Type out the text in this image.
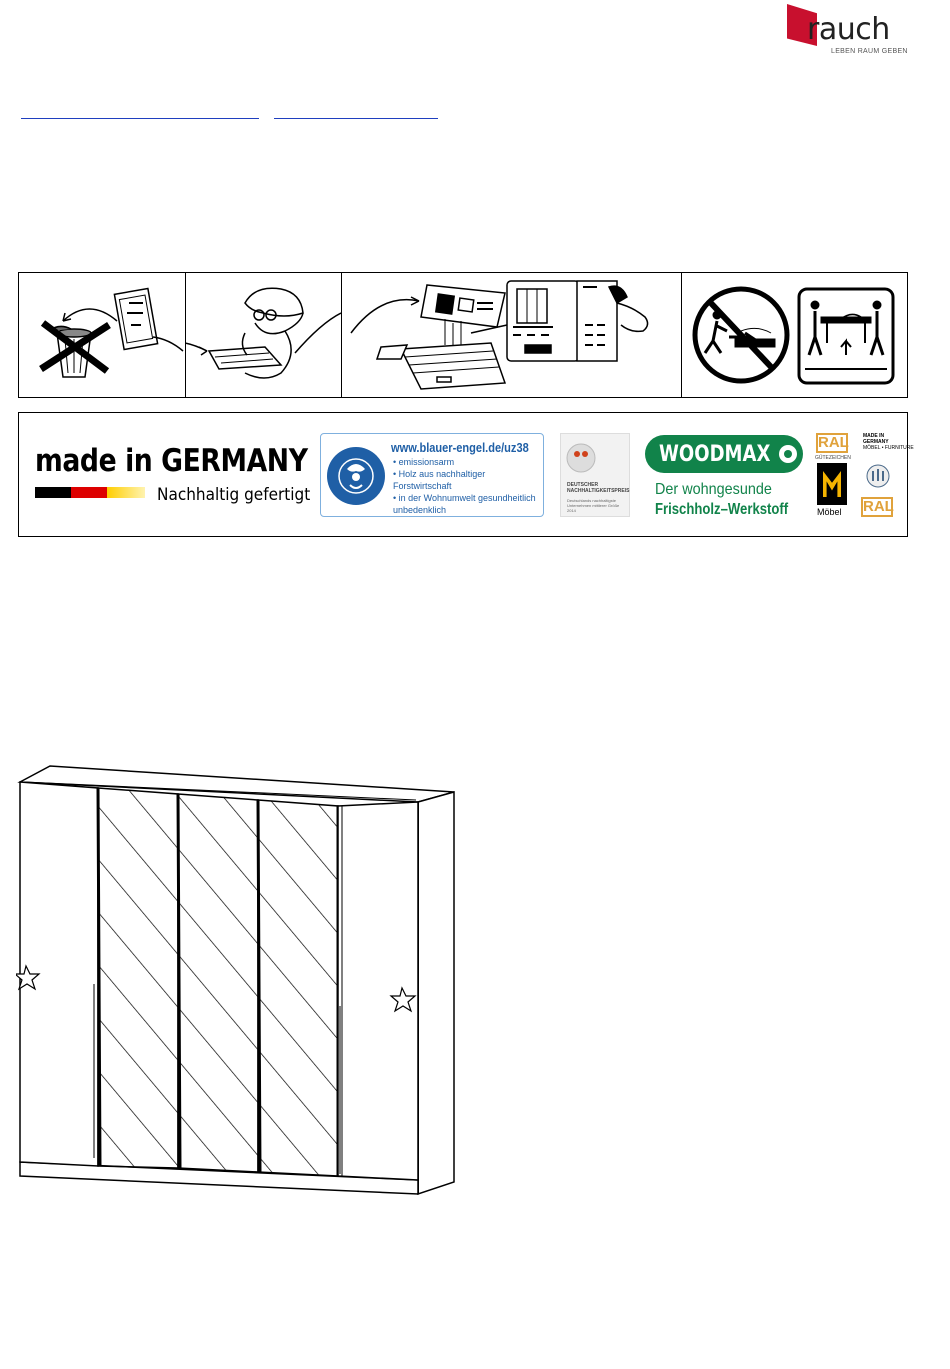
rauch
LEBEN RAUM GEBEN
made in GERMANY
Nachhaltig gefertigt
www.blauer-engel.de/uz38
• emissionsarm
• Holz aus nachhaltiger Forstwirtschaft
• in der Wohnumwelt gesundheitlich unbedenklich
DEUTSCHER NACHHALTIGKEITSPREIS
Deutschlands nachhaltigste Unternehmen mittlerer Größe 2014
WOODMAX
Der wohngesunde
Frischholz–Werkstoff
RAL
GÜTEZEICHEN
Möbel
MADE IN GERMANY
MÖBEL • FURNITURE
RAL
